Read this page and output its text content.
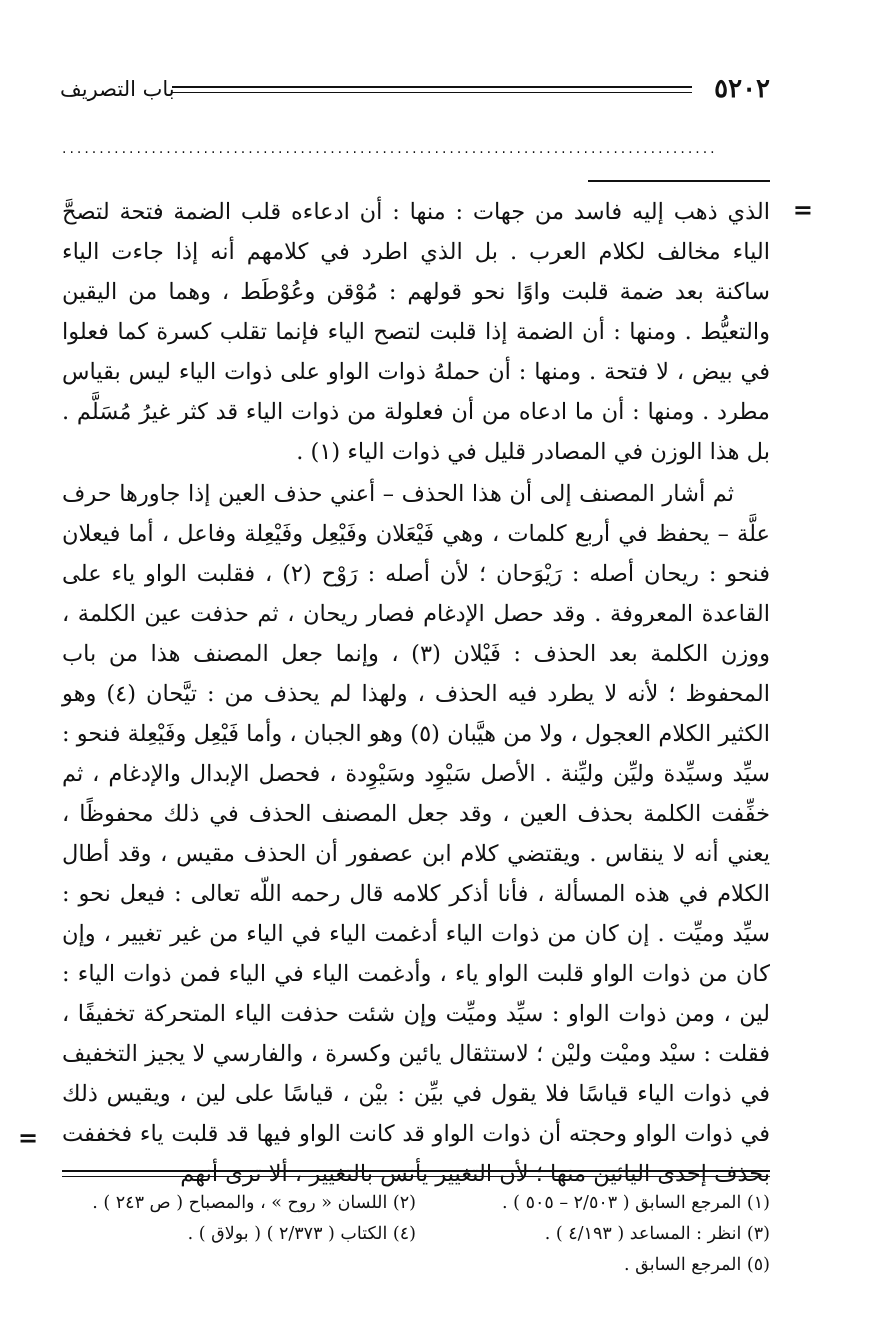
٥٢٠٢
باب التصريف
........................................................................................
=

الذي ذهب إليه فاسد من جهات : منها : أن ادعاءه قلب الضمة فتحة لتصحَّ الياء مخالف لكلام العرب . بل الذي اطرد في كلامهم أنه إذا جاءت الياء ساكنة بعد ضمة قلبت واوًا نحو قولهم : مُوْقن وعُوْطَط ، وهما من اليقين والتعيُّط . ومنها : أن الضمة إذا قلبت لتصح الياء فإنما تقلب كسرة كما فعلوا في بيض ، لا فتحة . ومنها : أن حملهُ ذوات الواو على ذوات الياء ليس بقياس مطرد . ومنها : أن ما ادعاه من أن فعلولة من ذوات الياء قد كثر غيرُ مُسَلَّم . بل هذا الوزن في المصادر قليل في ذوات الياء (١) .

ثم أشار المصنف إلى أن هذا الحذف – أعني حذف العين إذا جاورها حرف علَّة – يحفظ في أربع كلمات ، وهي فَيْعَلان وفَيْعِل وفَيْعِلة وفاعل ، أما فيعلان فنحو : ريحان أصله : رَيْوَحان ؛ لأن أصله : رَوْح (٢) ، فقلبت الواو ياء على القاعدة المعروفة . وقد حصل الإدغام فصار ريحان ، ثم حذفت عين الكلمة ، ووزن الكلمة بعد الحذف : فَيْلان (٣) ، وإنما جعل المصنف هذا من باب المحفوظ ؛ لأنه لا يطرد فيه الحذف ، ولهذا لم يحذف من : تيَّحان (٤) وهو الكثير الكلام العجول ، ولا من هيَّبان (٥) وهو الجبان ، وأما فَيْعِل وفَيْعِلة فنحو : سيِّد وسيِّدة وليِّن وليِّنة . الأصل سَيْوِد وسَيْوِدة ، فحصل الإبدال والإدغام ، ثم خفِّفت الكلمة بحذف العين ، وقد جعل المصنف الحذف في ذلك محفوظًا ، يعني أنه لا ينقاس . ويقتضي كلام ابن عصفور أن الحذف مقيس ، وقد أطال الكلام في هذه المسألة ، فأنا أذكر كلامه قال رحمه اللّه تعالى : فيعل نحو : سيِّد وميِّت . إن كان من ذوات الياء أدغمت الياء في الياء من غير تغيير ، وإن كان من ذوات الواو قلبت الواو ياء ، وأدغمت الياء في الياء فمن ذوات الياء : لين ، ومن ذوات الواو : سيِّد وميِّت وإن شئت حذفت الياء المتحركة تخفيفًا ، فقلت : سيْد وميْت وليْن ؛ لاستثقال يائين وكسرة ، والفارسي لا يجيز التخفيف في ذوات الياء قياسًا فلا يقول في بيِّن : بيْن ، قياسًا على لين ، ويقيس ذلك في ذوات الواو وحجته أن ذوات الواو قد كانت الواو فيها قد قلبت ياء فخففت بحذف إحدى اليائين منها ؛ لأن التغيير يأنس بالتغيير ، ألا ترى أنهم

=
(١) المرجع السابق ( ٢/٥٠٣ – ٥٠٥ ) .
(٢) اللسان « روح » ، والمصباح ( ص ٢٤٣ ) .
(٣) انظر : المساعد ( ٤/١٩٣ ) .
(٤) الكتاب ( ٢/٣٧٣ ) ( بولاق ) .
(٥) المرجع السابق .
